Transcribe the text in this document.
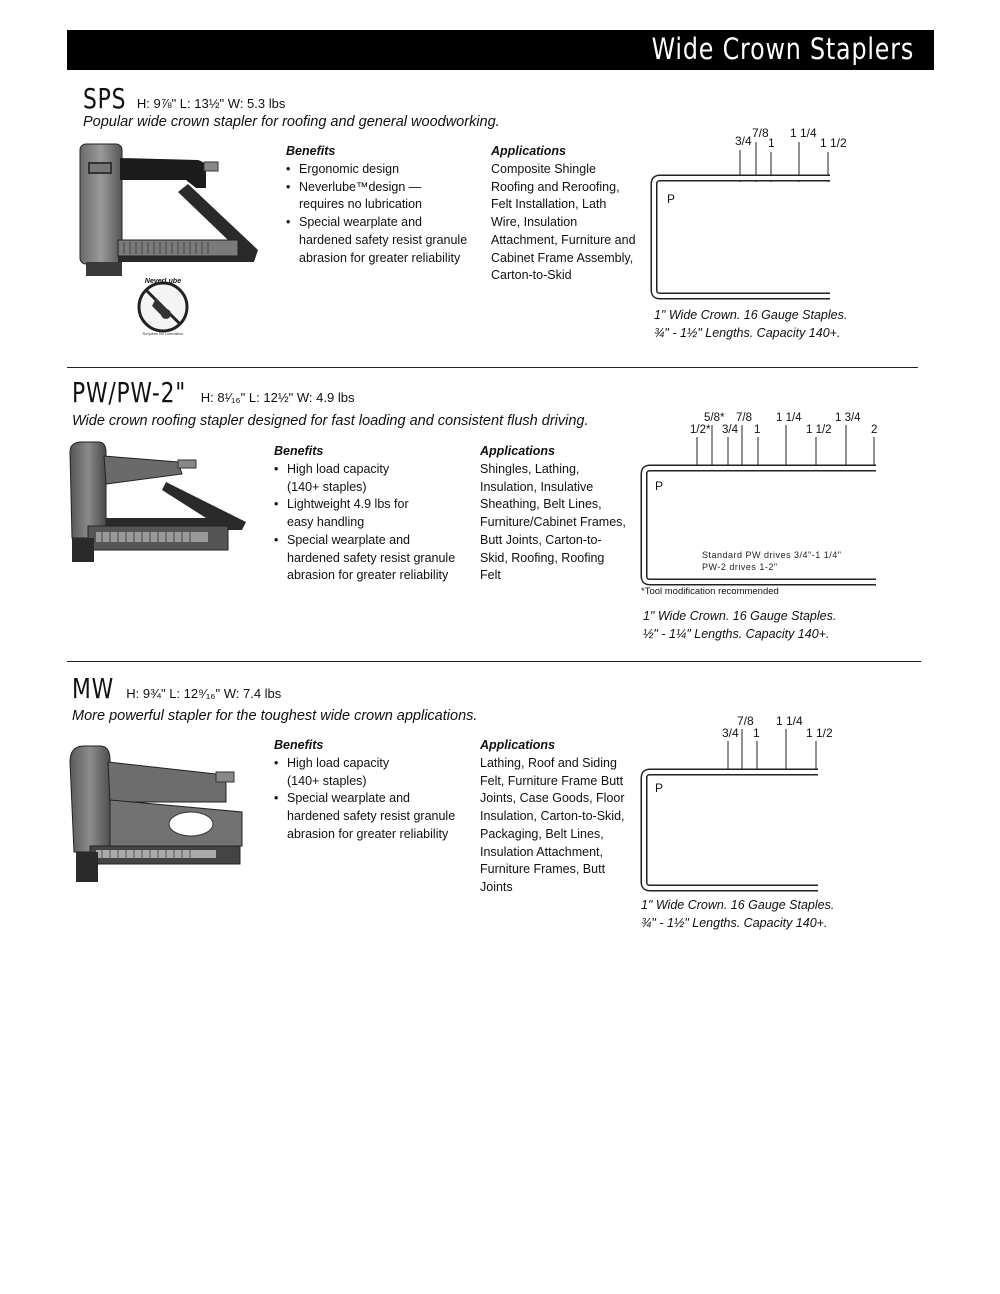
Wide Crown Staplers
SPS H: 9⅞" L: 13½" W: 5.3 lbs
Popular wide crown stapler for roofing and general woodworking.
NeverLube
Requires No Lubrication
Benefits
• Ergonomic design
• Neverlube™design — requires no lubrication
• Special wearplate and hardened safety resist granule abrasion for greater reliability
Applications
Composite Shingle Roofing and Reroofing, Felt Installation, Lath Wire, Insulation Attachment, Furniture and Cabinet Frame Assembly, Carton-to-Skid
3/4
7/8
1
1 1/4
1 1/2
P
1" Wide Crown. 16 Gauge Staples.
¾" - 1½" Lengths. Capacity 140+.
PW/PW-2" H: 8¹⁄₁₆" L: 12½" W: 4.9 lbs
Wide crown roofing stapler designed for fast loading and consistent flush driving.
Benefits
• High load capacity (140+ staples)
• Lightweight 4.9 lbs for easy handling
• Special wearplate and hardened safety resist granule abrasion for greater reliability
Applications
Shingles, Lathing, Insulation, Insulative Sheathing, Belt Lines, Furniture/Cabinet Frames, Butt Joints, Carton-to-Skid, Roofing, Roofing Felt
1/2*
5/8*
3/4
7/8
1
1 1/4
1 1/2
1 3/4
2
P
Standard PW drives 3/4"-1 1/4"
PW-2 drives 1-2"
*Tool modification recommended
1" Wide Crown. 16 Gauge Staples.
½" - 1¼" Lengths. Capacity 140+.
MW H: 9¾" L: 12⁹⁄₁₆" W: 7.4 lbs
More powerful stapler for the toughest wide crown applications.
Benefits
• High load capacity (140+ staples)
• Special wearplate and hardened safety resist granule abrasion for greater reliability
Applications
Lathing, Roof and Siding Felt, Furniture Frame Butt Joints, Case Goods, Floor Insulation, Carton-to-Skid, Packaging, Belt Lines, Insulation Attachment, Furniture Frames, Butt Joints
3/4
7/8
1
1 1/4
1 1/2
P
1" Wide Crown. 16 Gauge Staples.
¾" - 1½" Lengths. Capacity 140+.
